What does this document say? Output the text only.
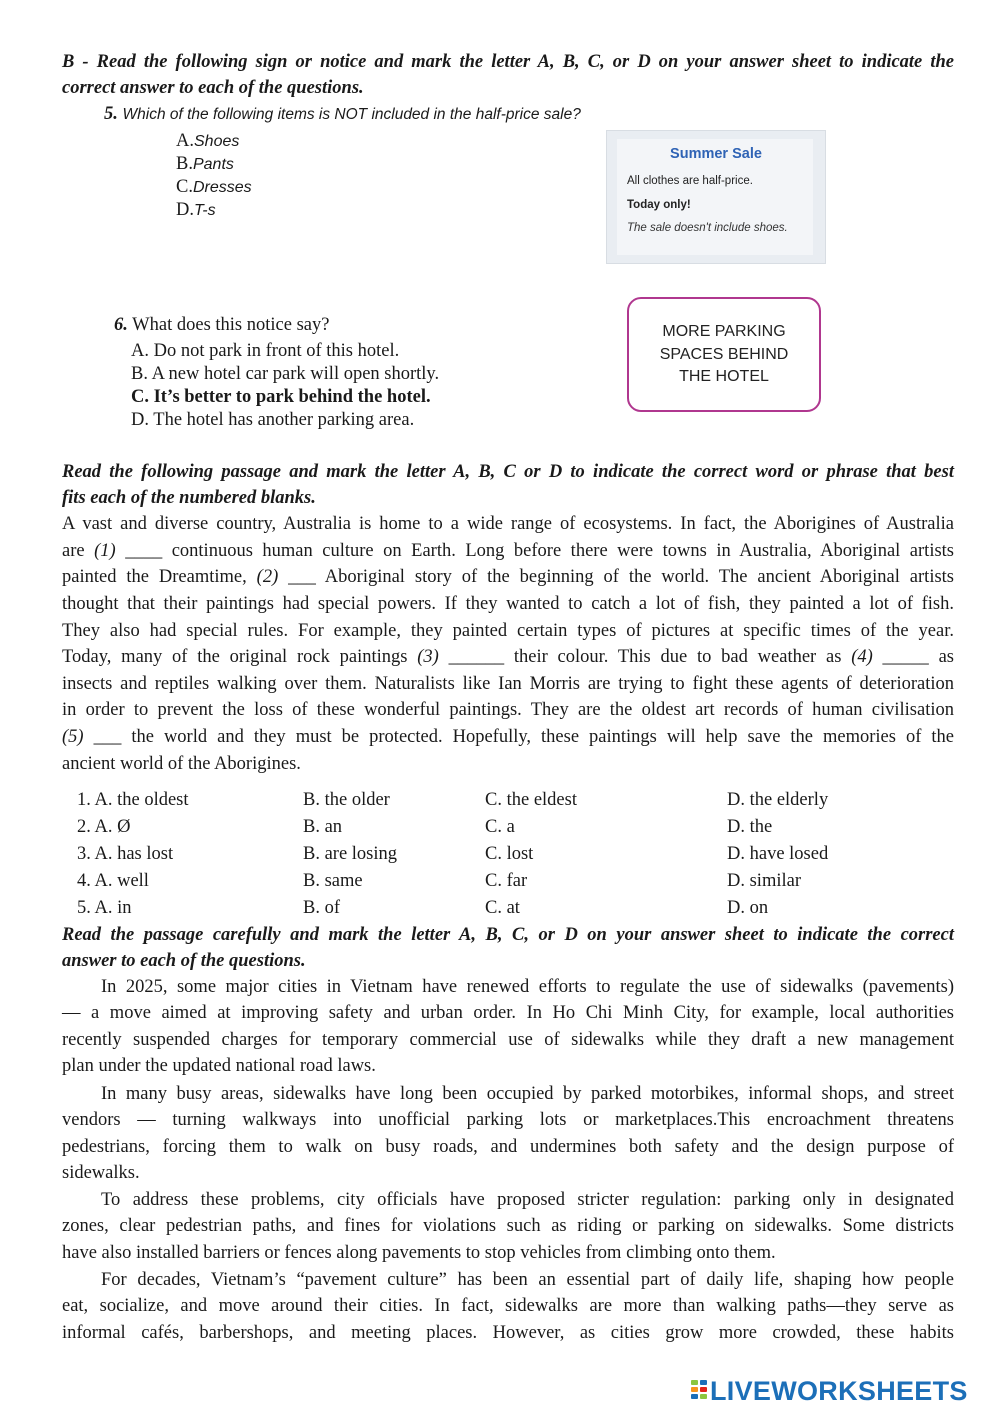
B - Read the following sign or notice and mark the letter A, B, C, or D on your answer sheet to indicate the
correct answer to each of the questions.
5. Which of the following items is NOT included in the half-price sale?
A.Shoes
B.Pants
C.Dresses
D.T-s
Summer Sale
All clothes are half-price.
Today only!
The sale doesn't include shoes.
6. What does this notice say?
A. Do not park in front of this hotel.
B. A new hotel car park will open shortly.
C. It’s better to park behind the hotel.
D. The hotel has another parking area.
MORE PARKING
SPACES BEHIND
THE HOTEL
Read the following passage and mark the letter A, B, C or D to indicate the correct word or phrase that best
fits each of the numbered blanks.
A vast and diverse country, Australia is home to a wide range of ecosystems. In fact, the Aborigines of Australia
are (1) ____ continuous human culture on Earth. Long before there were towns in Australia, Aboriginal artists
painted the Dreamtime, (2) ___ Aboriginal story of the beginning of the world. The ancient Aboriginal artists
thought that their paintings had special powers. If they wanted to catch a lot of fish, they painted a lot of fish.
They also had special rules. For example, they painted certain types of pictures at specific times of the year.
Today, many of the original rock paintings (3) ______ their colour. This due to bad weather as (4) _____ as
insects and reptiles walking over them. Naturalists like Ian Morris are trying to fight these agents of deterioration
in order to prevent the loss of these wonderful paintings. They are the oldest art records of human civilisation
(5) ___ the world and they must be protected. Hopefully, these paintings will help save the memories of the
ancient world of the Aborigines.
1. A. the oldest	B. the older	C. the eldest	D. the elderly
2. A. Ø	B. an	C. a	D. the
3. A. has lost	B. are losing	C. lost	D. have losed
4. A. well	B. same	C. far	D. similar
5. A. in	B. of	C. at	D. on
Read the passage carefully and mark the letter A, B, C, or D on your answer sheet to indicate the correct
answer to each of the questions.
In 2025, some major cities in Vietnam have renewed efforts to regulate the use of sidewalks (pavements)
— a move aimed at improving safety and urban order. In Ho Chi Minh City, for example, local authorities
recently suspended charges for temporary commercial use of sidewalks while they draft a new management
plan under the updated national road laws.
In many busy areas, sidewalks have long been occupied by parked motorbikes, informal shops, and street
vendors — turning walkways into unofficial parking lots or marketplaces.This encroachment threatens
pedestrians, forcing them to walk on busy roads, and undermines both safety and the design purpose of
sidewalks.
To address these problems, city officials have proposed stricter regulation: parking only in designated
zones, clear pedestrian paths, and fines for violations such as riding or parking on sidewalks. Some districts
have also installed barriers or fences along pavements to stop vehicles from climbing onto them.
For decades, Vietnam’s “pavement culture” has been an essential part of daily life, shaping how people
eat, socialize, and move around their cities. In fact, sidewalks are more than walking paths—they serve as
informal cafés, barbershops, and meeting places. However, as cities grow more crowded, these habits
LIVEWORKSHEETS
